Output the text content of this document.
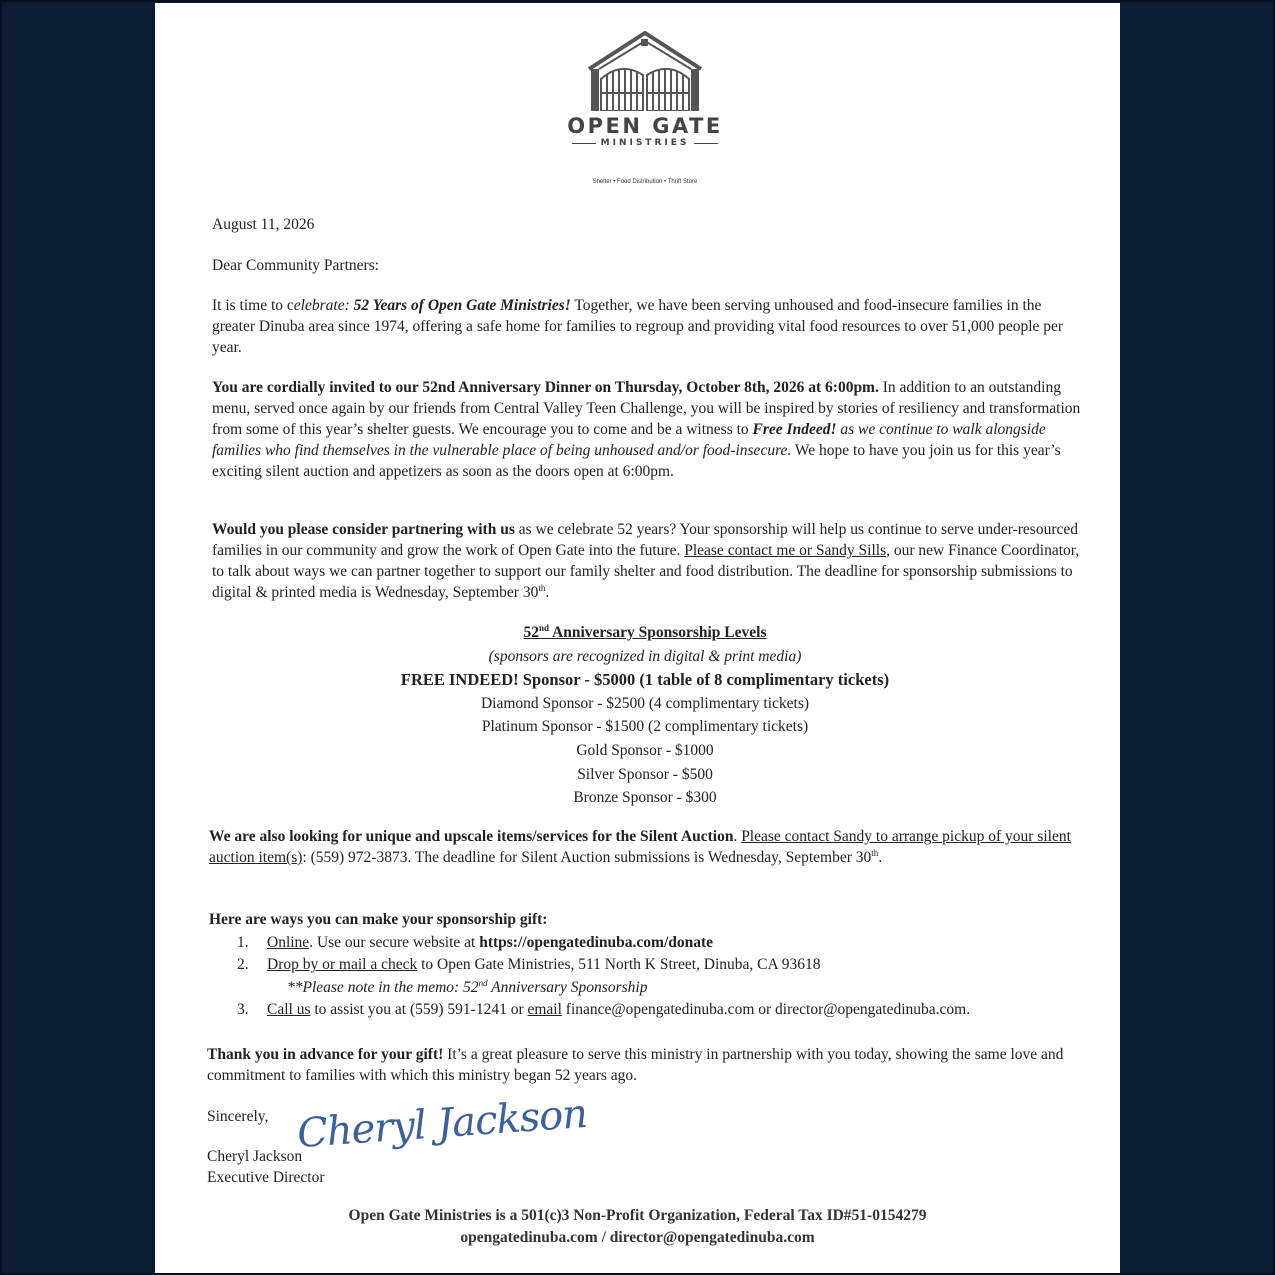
OPEN GATE
MINISTRIES
Shelter • Food Distribution • Thrift Store
August 11, 2026
Dear Community Partners:
It is time to celebrate: 52 Years of Open Gate Ministries! Together, we have been serving unhoused and food-insecure families in the greater Dinuba area since 1974, offering a safe home for families to regroup and providing vital food resources to over 51,000 people per year.
You are cordially invited to our 52nd Anniversary Dinner on Thursday, October 8th, 2026 at 6:00pm. In addition to an outstanding menu, served once again by our friends from Central Valley Teen Challenge, you will be inspired by stories of resiliency and transformation from some of this year’s shelter guests. We encourage you to come and be a witness to Free Indeed! as we continue to walk alongside families who find themselves in the vulnerable place of being unhoused and/or food-insecure. We hope to have you join us for this year’s exciting silent auction and appetizers as soon as the doors open at 6:00pm.
Would you please consider partnering with us as we celebrate 52 years? Your sponsorship will help us continue to serve under-resourced families in our community and grow the work of Open Gate into the future. Please contact me or Sandy Sills, our new Finance Coordinator, to talk about ways we can partner together to support our family shelter and food distribution. The deadline for sponsorship submissions to digital & printed media is Wednesday, September 30th.
52nd Anniversary Sponsorship Levels
(sponsors are recognized in digital & print media)
FREE INDEED! Sponsor - $5000 (1 table of 8 complimentary tickets)
Diamond Sponsor - $2500 (4 complimentary tickets)
Platinum Sponsor - $1500 (2 complimentary tickets)
Gold Sponsor - $1000
Silver Sponsor - $500
Bronze Sponsor - $300
We are also looking for unique and upscale items/services for the Silent Auction. Please contact Sandy to arrange pickup of your silent auction item(s): (559) 972-3873. The deadline for Silent Auction submissions is Wednesday, September 30th.
Here are ways you can make your sponsorship gift:
1. Online. Use our secure website at https://opengatedinuba.com/donate
2. Drop by or mail a check to Open Gate Ministries, 511 North K Street, Dinuba, CA 93618
**Please note in the memo: 52nd Anniversary Sponsorship
3. Call us to assist you at (559) 591-1241 or email finance@opengatedinuba.com or director@opengatedinuba.com.
Thank you in advance for your gift! It’s a great pleasure to serve this ministry in partnership with you today, showing the same love and commitment to families with which this ministry began 52 years ago.
Sincerely, Cheryl Jackson
Cheryl Jackson
Executive Director
Open Gate Ministries is a 501(c)3 Non-Profit Organization, Federal Tax ID#51-0154279
opengatedinuba.com / director@opengatedinuba.com
